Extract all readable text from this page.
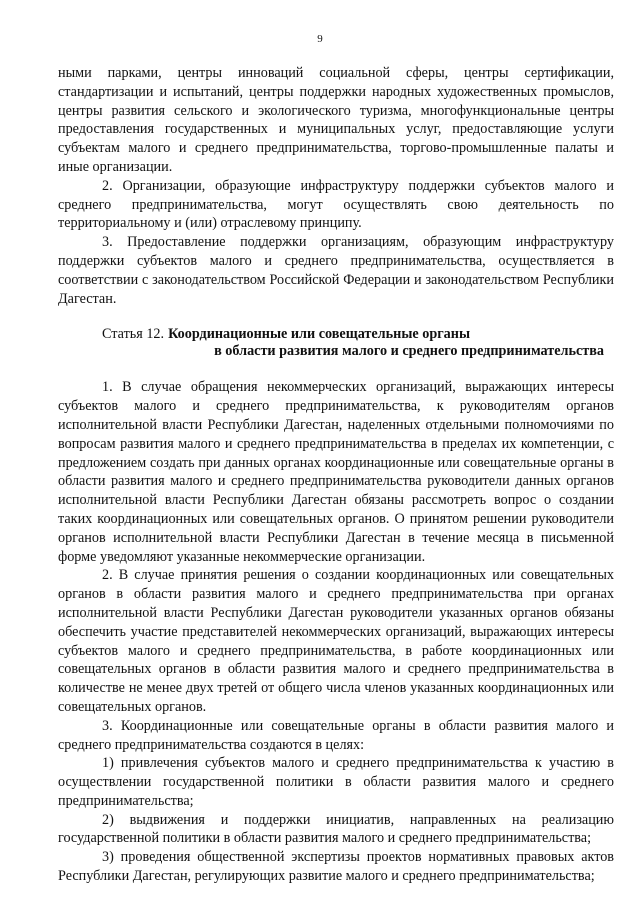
9

ными парками, центры инноваций социальной сферы, центры сертификации, стандартизации и испытаний, центры поддержки народных художественных промыслов, центры развития сельского и экологического туризма, многофункциональные центры предоставления государственных и муниципальных услуг, предоставляющие услуги субъектам малого и среднего предпринимательства, торгово-промышленные палаты и иные организации.

2. Организации, образующие инфраструктуру поддержки субъектов малого и среднего предпринимательства, могут осуществлять свою деятельность по территориальному и (или) отраслевому принципу.

3. Предоставление поддержки организациям, образующим инфраструктуру поддержки субъектов малого и среднего предпринимательства, осуществляется в соответствии с законодательством Российской Федерации и законодательством Республики Дагестан.

Статья 12. Координационные или совещательные органы
в области развития малого и среднего предпринимательства

1. В случае обращения некоммерческих организаций, выражающих интересы субъектов малого и среднего предпринимательства, к руководителям органов исполнительной власти Республики Дагестан, наделенных отдельными полномочиями по вопросам развития малого и среднего предпринимательства в пределах их компетенции, с предложением создать при данных органах координационные или совещательные органы в области развития малого и среднего предпринимательства руководители данных органов исполнительной власти Республики Дагестан обязаны рассмотреть вопрос о создании таких координационных или совещательных органов. О принятом решении руководители органов исполнительной власти Республики Дагестан в течение месяца в письменной форме уведомляют указанные некоммерческие организации.

2. В случае принятия решения о создании координационных или совещательных органов в области развития малого и среднего предпринимательства при органах исполнительной власти Республики Дагестан руководители указанных органов обязаны обеспечить участие представителей некоммерческих организаций, выражающих интересы субъектов малого и среднего предпринимательства, в работе координационных или совещательных органов в области развития малого и среднего предпринимательства в количестве не менее двух третей от общего числа членов указанных координационных или совещательных органов.

3. Координационные или совещательные органы в области развития малого и среднего предпринимательства создаются в целях:

1) привлечения субъектов малого и среднего предпринимательства к участию в осуществлении государственной политики в области развития малого и среднего предпринимательства;

2) выдвижения и поддержки инициатив, направленных на реализацию государственной политики в области развития малого и среднего предпринимательства;

3) проведения общественной экспертизы проектов нормативных правовых актов Республики Дагестан, регулирующих развитие малого и среднего предпринимательства;
